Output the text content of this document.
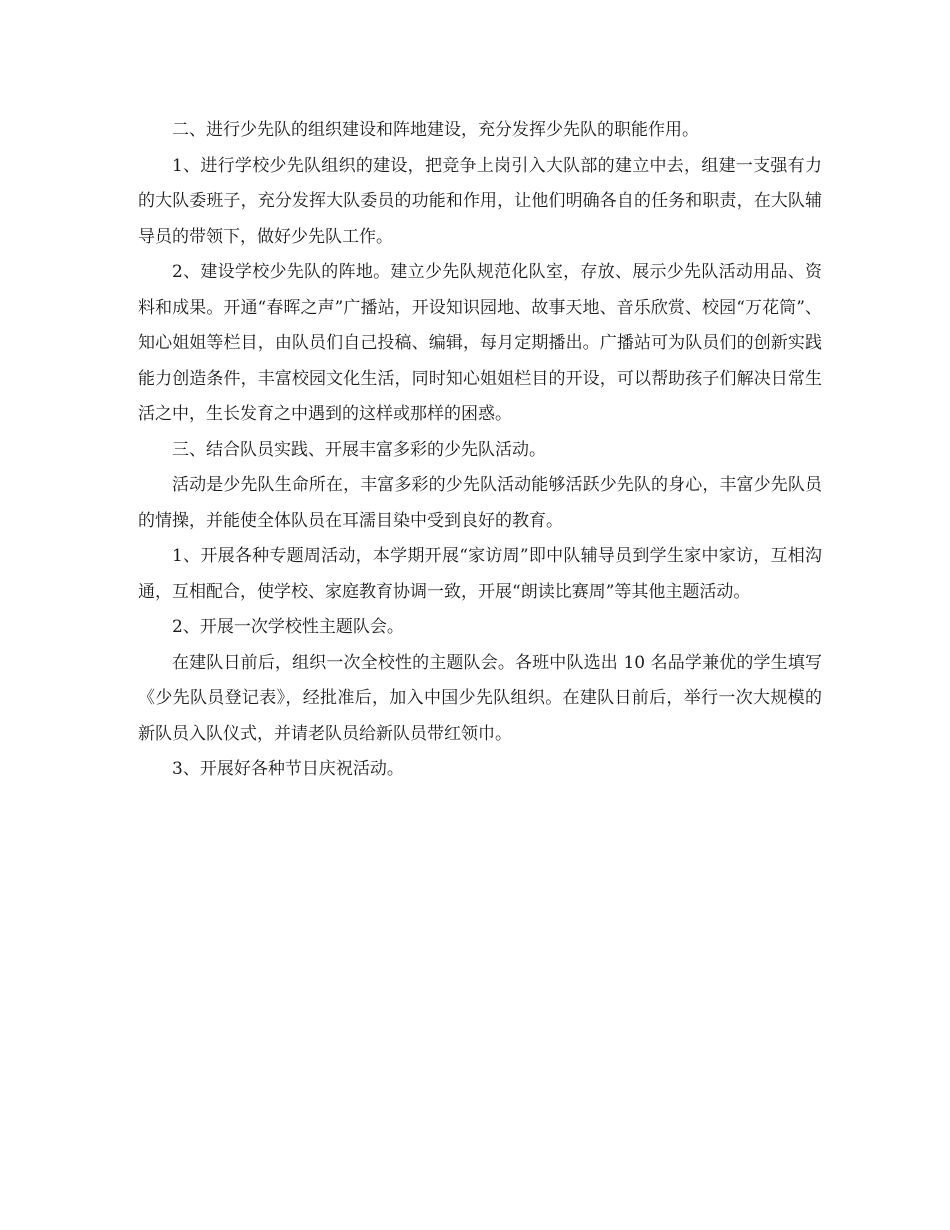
二、进行少先队的组织建设和阵地建设，充分发挥少先队的职能作用。

1、进行学校少先队组织的建设，把竞争上岗引入大队部的建立中去，组建一支强有力的大队委班子，充分发挥大队委员的功能和作用，让他们明确各自的任务和职责，在大队辅导员的带领下，做好少先队工作。

2、建设学校少先队的阵地。建立少先队规范化队室，存放、展示少先队活动用品、资料和成果。开通“春晖之声”广播站，开设知识园地、故事天地、音乐欣赏、校园“万花筒”、知心姐姐等栏目，由队员们自己投稿、编辑，每月定期播出。广播站可为队员们的创新实践能力创造条件，丰富校园文化生活，同时知心姐姐栏目的开设，可以帮助孩子们解决日常生活之中，生长发育之中遇到的这样或那样的困惑。

三、结合队员实践、开展丰富多彩的少先队活动。

活动是少先队生命所在，丰富多彩的少先队活动能够活跃少先队的身心，丰富少先队员的情操，并能使全体队员在耳濡目染中受到良好的教育。

1、开展各种专题周活动，本学期开展“家访周”即中队辅导员到学生家中家访，互相沟通，互相配合，使学校、家庭教育协调一致，开展“朗读比赛周”等其他主题活动。

2、开展一次学校性主题队会。

在建队日前后，组织一次全校性的主题队会。各班中队选出 10 名品学兼优的学生填写《少先队员登记表》，经批准后，加入中国少先队组织。在建队日前后，举行一次大规模的新队员入队仪式，并请老队员给新队员带红领巾。

3、开展好各种节日庆祝活动。
